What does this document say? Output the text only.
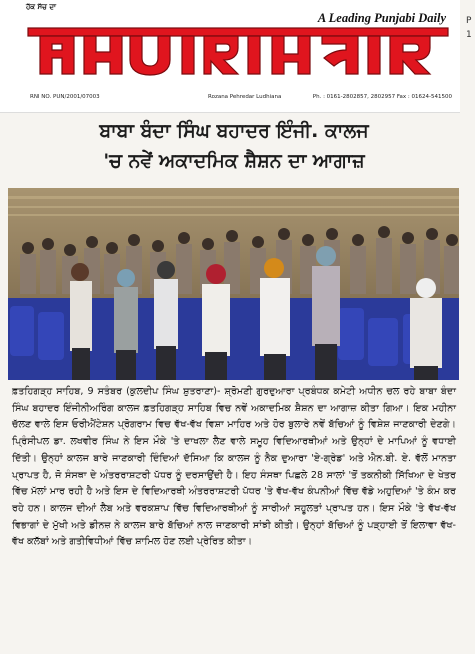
ਹੱਕ ਸੱਚ ਦਾ
A Leading Punjabi Daily
RNI NO. PUN/2001/07003	Rozana Pehredar Ludhiana	Ph. : 0161-2802857, 2802957 Fax : 01624-541500
P
1
ਬਾਬਾ ਬੰਦਾ ਸਿੰਘ ਬਹਾਦਰ ਇੰਜੀ. ਕਾਲਜ
'ਚ ਨਵੇਂ ਅਕਾਦਮਿਕ ਸ਼ੈਸ਼ਨ ਦਾ ਆਗਾਜ਼
ਫ਼ਤਹਿਗੜ੍ਹ ਸਾਹਿਬ, 9 ਸਤੰਬਰ (ਕੁਲਦੀਪ ਸਿੰਘ ਸ਼ੁਤਰਾਣਾ)- ਸ਼੍ਰੋਮਣੀ ਗੁਰਦੁਆਰਾ ਪ੍ਰਬੰਧਕ ਕਮੇਟੀ ਅਧੀਨ ਚਲ ਰਹੇ ਬਾਬਾ ਬੰਦਾ ਸਿੰਘ ਬਹਾਦਰ ਇੰਜੀਨੀਅਰਿੰਗ ਕਾਲਜ ਫ਼ਤਹਿਗੜ੍ਹ ਸਾਹਿਬ ਵਿਚ ਨਵੇਂ ਅਕਾਦਮਿਕ ਸ਼ੈਸ਼ਨ ਦਾ ਆਗਾਜ਼ ਕੀਤਾ ਗਿਆ। ਇਕ ਮਹੀਨਾ ਚੱਲਣ ਵਾਲੇ ਇਸ ਓਰੀਐਂਟੇਸ਼ਨ ਪ੍ਰੋਗਰਾਮ ਵਿਚ ਵੱਖ-ਵੱਖ ਵਿਸ਼ਾ ਮਾਹਿਰ ਅਤੇ ਹੋਰ ਬੁਲਾਰੇ ਨਵੇਂ ਬੱਚਿਆਂ ਨੂੰ ਵਿਸ਼ੇਸ਼ ਜਾਣਕਾਰੀ ਦੇਣਗੇ। ਪ੍ਰਿੰਸੀਪਲ ਡਾ. ਲਖਵੀਰ ਸਿੰਘ ਨੇ ਇਸ ਮੌਕੇ 'ਤੇ ਦਾਖਲਾ ਲੈਣ ਵਾਲੇ ਸਮੂਹ ਵਿਦਿਆਰਥੀਆਂ ਅਤੇ ਉਨ੍ਹਾਂ ਦੇ ਮਾਪਿਆਂ ਨੂੰ ਵਧਾਈ ਦਿੱਤੀ। ਉਨ੍ਹਾਂ ਕਾਲਜ ਬਾਰੇ ਜਾਣਕਾਰੀ ਦਿੰਦਿਆਂ ਦੱਸਿਆ ਕਿ ਕਾਲਜ ਨੂੰ ਨੈਕ ਦੁਆਰਾ 'ਏ-ਗ੍ਰੇਡ' ਅਤੇ ਐਨ.ਬੀ. ਏ. ਵੱਲੋਂ ਮਾਨਤਾ ਪ੍ਰਾਪਤ ਹੈ, ਜੋ ਸੰਸਥਾ ਦੇ ਅੰਤਰਰਾਸ਼ਟਰੀ ਪੱਧਰ ਨੂੰ ਦਰਸਾਉਂਦੀ ਹੈ। ਇਹ ਸੰਸਥਾ ਪਿਛਲੇ 28 ਸਾਲਾਂ 'ਤੋਂ ਤਕਨੀਕੀ ਸਿੱਖਿਆ ਦੇ ਖੇਤਰ ਵਿੱਚ ਮੱਲਾਂ ਮਾਰ ਰਹੀ ਹੈ ਅਤੇ ਇਸ ਦੇ ਵਿਦਿਆਰਥੀ ਅੰਤਰਰਾਸ਼ਟਰੀ ਪੱਧਰ 'ਤੇ ਵੱਖ-ਵੱਖ ਕੰਪਨੀਆਂ ਵਿੱਚ ਵੱਡੇ ਅਹੁਦਿਆਂ 'ਤੇ ਕੰਮ ਕਰ ਰਹੇ ਹਨ। ਕਾਲਜ ਦੀਆਂ ਲੈਬ ਅਤੇ ਵਰਕਸ਼ਾਪ ਵਿੱਚ ਵਿਦਿਆਰਥੀਆਂ ਨੂੰ ਸਾਰੀਆਂ ਸਹੂਲਤਾਂ ਪ੍ਰਾਪਤ ਹਨ। ਇਸ ਮੌਕੇ 'ਤੇ ਵੱਖ-ਵੱਖ ਵਿਭਾਗਾਂ ਦੇ ਮੁੱਖੀ ਅਤੇ ਡੀਨਜ਼ ਨੇ ਕਾਲਜ ਬਾਰੇ ਬੱਚਿਆਂ ਨਾਲ ਜਾਣਕਾਰੀ ਸਾਂਝੀ ਕੀਤੀ। ਉਨ੍ਹਾਂ ਬੱਚਿਆਂ ਨੂੰ ਪੜ੍ਹਾਈ ਤੋਂ ਇਲਾਵਾ ਵੱਖ-ਵੱਖ ਕਲੱਬਾਂ ਅਤੇ ਗਤੀਵਿਧੀਆਂ ਵਿੱਚ ਸ਼ਾਮਿਲ ਹੋਣ ਲਈ ਪ੍ਰੇਰਿਤ ਕੀਤਾ।
